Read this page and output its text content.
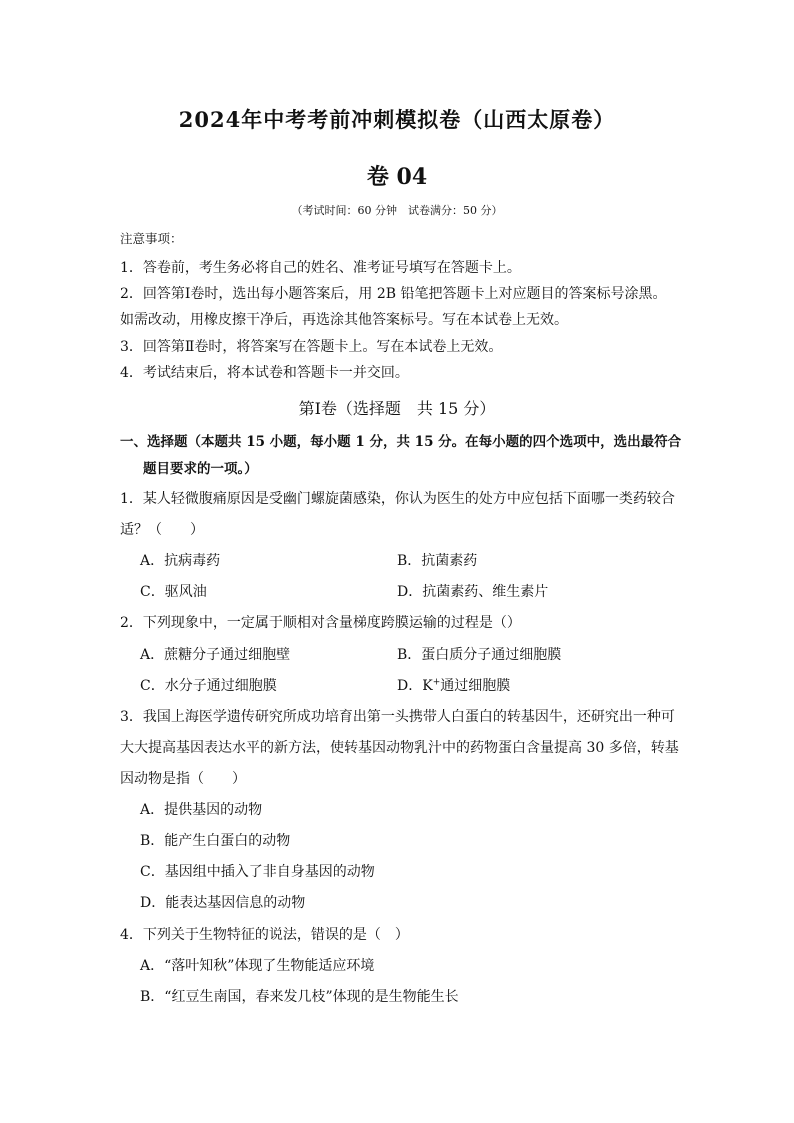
2024年中考考前冲刺模拟卷（山西太原卷）
卷 04
（考试时间：60 分钟　试卷满分：50 分）
注意事项：
1．答卷前，考生务必将自己的姓名、准考证号填写在答题卡上。
2．回答第Ⅰ卷时，选出每小题答案后，用 2B 铅笔把答题卡上对应题目的答案标号涂黑。
如需改动，用橡皮擦干净后，再选涂其他答案标号。写在本试卷上无效。
3．回答第Ⅱ卷时，将答案写在答题卡上。写在本试卷上无效。
4．考试结束后，将本试卷和答题卡一并交回。
第Ⅰ卷（选择题　共 15 分）
一、选择题（本题共 15 小题，每小题 1 分，共 15 分。在每小题的四个选项中，选出最符合
题目要求的一项。）
1．某人轻微腹痛原因是受幽门螺旋菌感染，你认为医生的处方中应包括下面哪一类药较合
适？（　　）
A．抗病毒药	B．抗菌素药
C．驱风油	D．抗菌素药、维生素片
2．下列现象中，一定属于顺相对含量梯度跨膜运输的过程是（）
A．蔗糖分子通过细胞壁	B．蛋白质分子通过细胞膜
C．水分子通过细胞膜	D．K+通过细胞膜
3．我国上海医学遗传研究所成功培育出第一头携带人白蛋白的转基因牛，还研究出一种可
大大提高基因表达水平的新方法，使转基因动物乳汁中的药物蛋白含量提高 30 多倍，转基
因动物是指（　　）
A．提供基因的动物
B．能产生白蛋白的动物
C．基因组中插入了非自身基因的动物
D．能表达基因信息的动物
4．下列关于生物特征的说法，错误的是（　）
A．“落叶知秋”体现了生物能适应环境
B．“红豆生南国，春来发几枝”体现的是生物能生长
